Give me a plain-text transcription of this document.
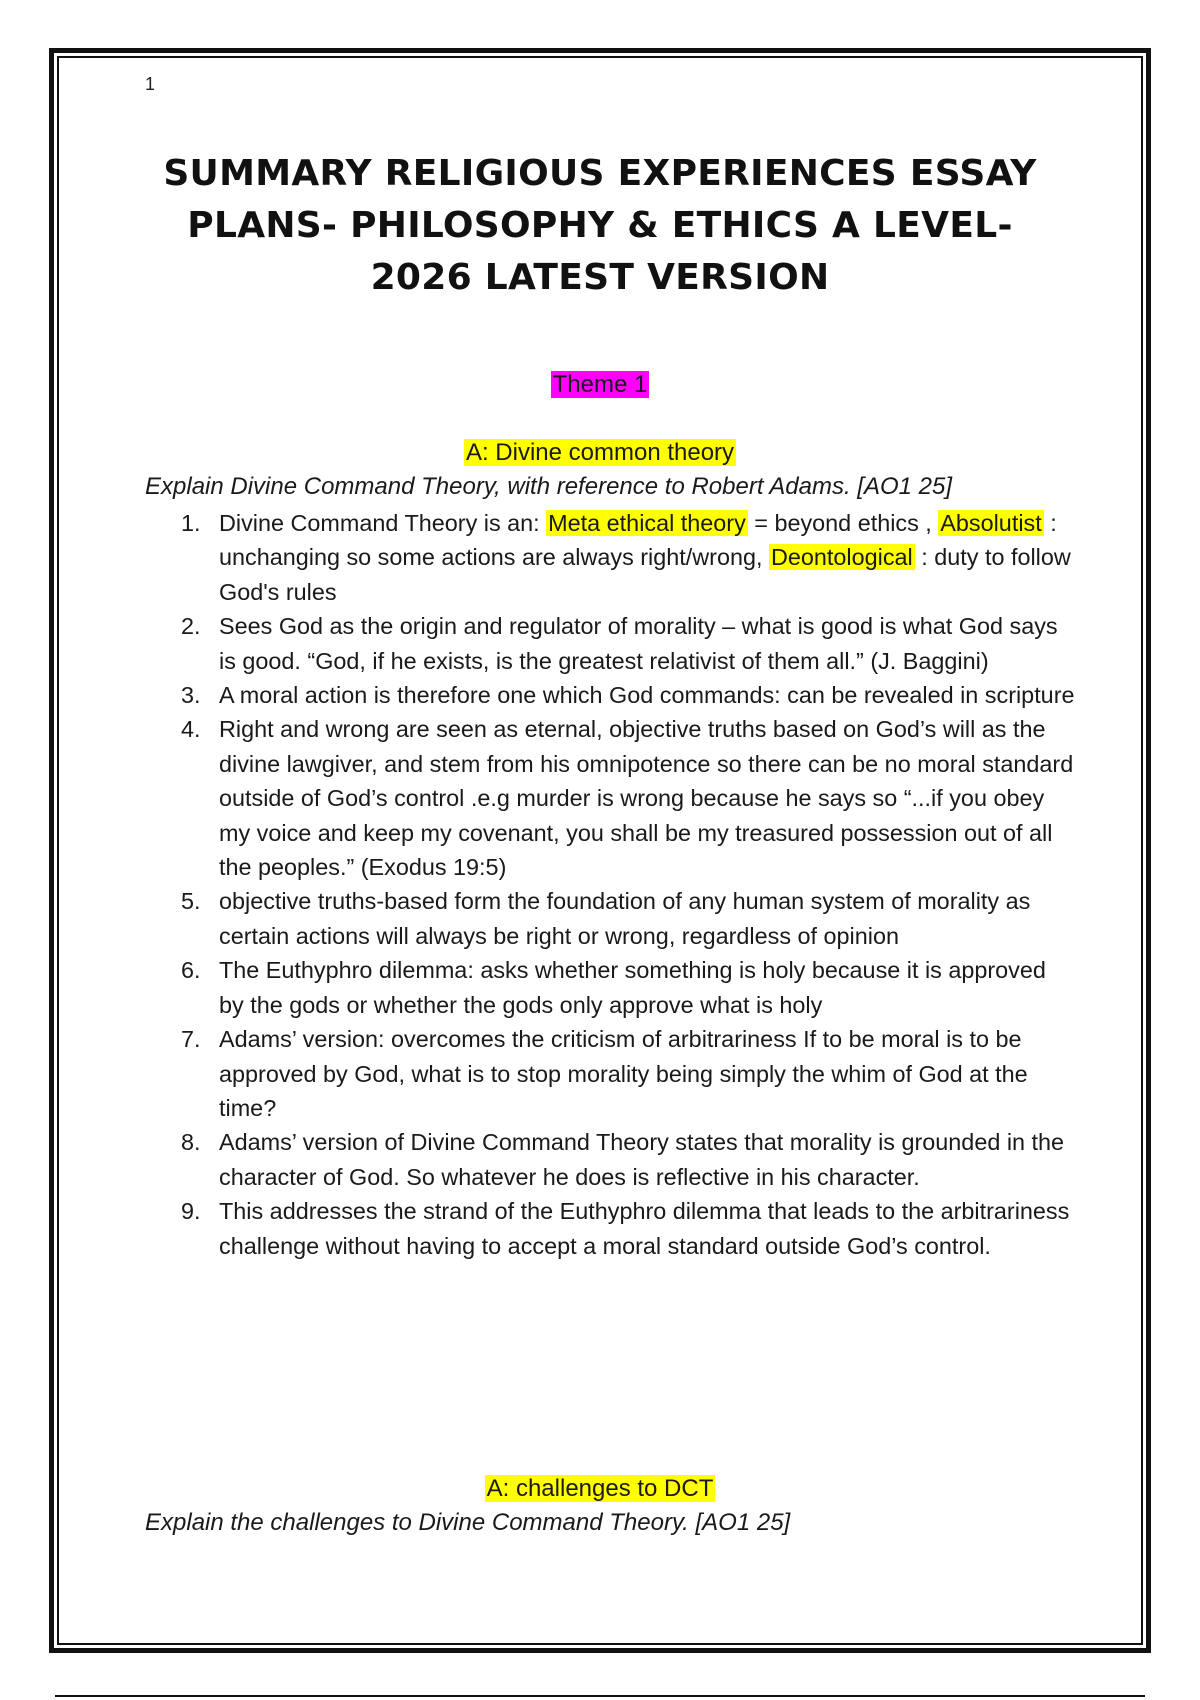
1
SUMMARY RELIGIOUS EXPERIENCES ESSAY
PLANS- PHILOSOPHY & ETHICS A LEVEL-
2026 LATEST VERSION
Theme 1
A: Divine common theory
Explain Divine Command Theory, with reference to Robert Adams. [AO1 25]
1. Divine Command Theory is an: Meta ethical theory = beyond ethics , Absolutist : unchanging so some actions are always right/wrong, Deontological : duty to follow God's rules
2. Sees God as the origin and regulator of morality – what is good is what God says is good. “God, if he exists, is the greatest relativist of them all.” (J. Baggini)
3. A moral action is therefore one which God commands: can be revealed in scripture
4. Right and wrong are seen as eternal, objective truths based on God’s will as the divine lawgiver, and stem from his omnipotence so there can be no moral standard outside of God’s control .e.g murder is wrong because he says so “...if you obey my voice and keep my covenant, you shall be my treasured possession out of all the peoples.” (Exodus 19:5)
5. objective truths-based form the foundation of any human system of morality as certain actions will always be right or wrong, regardless of opinion
6. The Euthyphro dilemma: asks whether something is holy because it is approved by the gods or whether the gods only approve what is holy
7. Adams’ version: overcomes the criticism of arbitrariness If to be moral is to be approved by God, what is to stop morality being simply the whim of God at the time?
8. Adams’ version of Divine Command Theory states that morality is grounded in the character of God. So whatever he does is reflective in his character.
9. This addresses the strand of the Euthyphro dilemma that leads to the arbitrariness challenge without having to accept a moral standard outside God’s control.
A: challenges to DCT
Explain the challenges to Divine Command Theory. [AO1 25]
